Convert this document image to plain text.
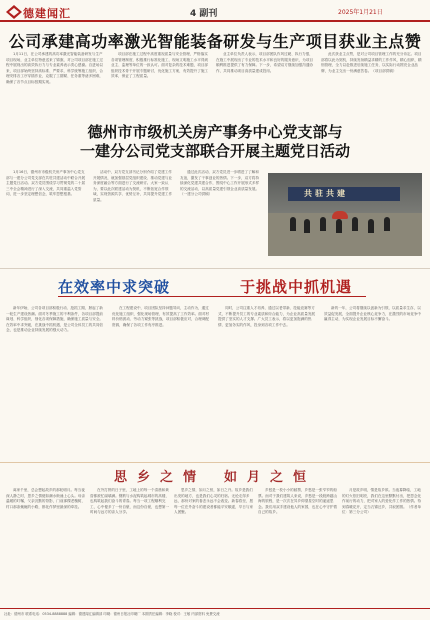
德建闻汇	4 副刊	2025年1月21日
公司承建高功率激光智能装备研发与生产项目获业主点赞

1月11日，在公司承建的高功率激光智能装备研发与生产项目现场，业主单位特意送来了锦旗，对公司项目部在施工过程中展现出的高效执行力与专业素养表示衷心感谢。自进场以来，项目部始终坚持高标准、严要求，科学统筹施工组织，合理安排各工序穿插作业，克服了工期紧、任务重等诸多困难，确保了各节点目标按期实现。

项目部在施工过程中高度重视质量与安全管理，严格落实各项管理制度，积极推行标准化施工，现场文明施工水平得到业主、监理等单位的一致认可。面对复杂的技术难题，项目部组织技术骨干开展专题研讨，优化施工方案，有效提升了施工效率，保证了工程质量。

业主单位负责人表示，项目部团队作风过硬、执行力强，在施工中展现出了专业的技术水平和良好的服务意识，为项目顺利推进提供了有力保障。下一步，希望双方继续加强沟通协作，共同推动项目高质量建成投用。

此次获业主点赞，是对公司项目管理工作的充分肯定。项目部将以此为契机，持续发扬精益求精的工作作风，精心组织、精细管理，全力以赴推进后续施工任务，以实际行动擦亮企业品牌，为业主交出一份满意答卷。（项目部供稿）

德州市市级机关房产事务中心党支部与
一建分公司党支部联合开展主题党日活动

1月16日，德州市市级机关房产事务中心党支部与一建分公司党支部在共驻共建活动中联合开展主题党日活动。双方党员围绕学习贯彻党的二十届三中全会精神进行了深入交流，共同重温入党誓词，进一步坚定理想信念，筑牢思想根基。

活动中，双方党支部书记分别介绍了党建工作开展情况，就加强基层党组织建设、推动党建与业务深度融合等方面进行了交流研讨。大家一致认为，要以此次联建活动为契机，不断拓宽合作领域，实现资源共享、优势互补，共同提升党建工作质量。

通过此次活动，双方党员进一步增进了了解和友谊，激发了干事创业的热情。下一步，双方将持续深化党建共建合作，围绕中心工作开展形式多样的交流活动，以高质量党建引领企业高质量发展。（一建分公司供稿）	共驻共建
在效率中求突破	于挑战中抓机遇

新年伊始，公司各项目部积极行动、抢抓工期，掀起了新一轮生产建设热潮。面对冬季施工的不利条件，各项目部提前谋划、科学组织，细化各项保障措施，确保施工质量与安全。在效率中求突破，在挑战中抓机遇，是公司全体员工的共同信念，也是推动企业持续发展的强大动力。

在工程建设中，项目团队坚持问题导向，主动作为，通过优化施工组织、强化现场管理，有效提高了工作效率。面对材料价格波动、劳动力紧张等挑战，项目部积极应对，合理调配资源，确保了各项工作有序推进。

同时，公司注重人才培养，通过以老带新、技能竞赛等方式，不断提升员工的专业素质和综合能力，为企业高质量发展提供了坚实的人才支撑。广大员工表示，将以更加饱满的热情、更加务实的作风，投身到各项工作中去。

新的一年，公司将继续以创新为引领，以质量求生存，以效益促发展，全面提升企业核心竞争力，在激烈的市场竞争中赢得主动，为实现企业发展目标不懈奋斗。

思乡之情 如月之恒

离家千里，总会想起故乡的那轮明月。每当夜深人静之时，思乡之情便如潮水般涌上心头。母亲温暖的叮嘱，父亲沉默的背影，门前那棵老槐树，村口那条蜿蜒的小路，都化作梦里最深的牵挂。

在外打拼的日子里，工地上的每一个清晨和黄昏都被忙碌填满。钢筋与水泥构筑起城市的高楼，也构筑起我们奋斗的青春。每当一项工程顺利完工，心中便多了一份自豪，而这份自豪，也想第一时间与远方的亲人分享。

思乡之情，如月之恒，如日之升。故乡是我们出发的地方，也是我们心灵的归宿。无论走得多远，那份对家的眷恋永远不会改变。新春将至，愿每一位在外奋斗的建设者都能平安顺遂，早日与家人团聚。

乡愁是一枚小小的邮票，乡愁是一张窄窄的船票。而对于我们建筑人来说，乡愁是一段段跨越山海的旅程，是一次次在异乡仰望星空时的遥遥思念。我们用双手建设他人的家园，也在心中守护着自己的故乡。

月是故乡明，情是故乡浓。当夜幕降临，工地的灯火依旧明亮，我们在这里默默付出，把思念化作前行的动力，把对家人的爱化作工作的热情。待到春暖花开，定当衣锦还乡，共叙团圆。（作者单位：第三分公司）

社址：德州市 联系电话：0534-8888888 编辑：德建闻汇编辑部 印刷：德州日报社印刷厂 本期责任编辑：李晓 校对：王敏 内部资料 免费交流
